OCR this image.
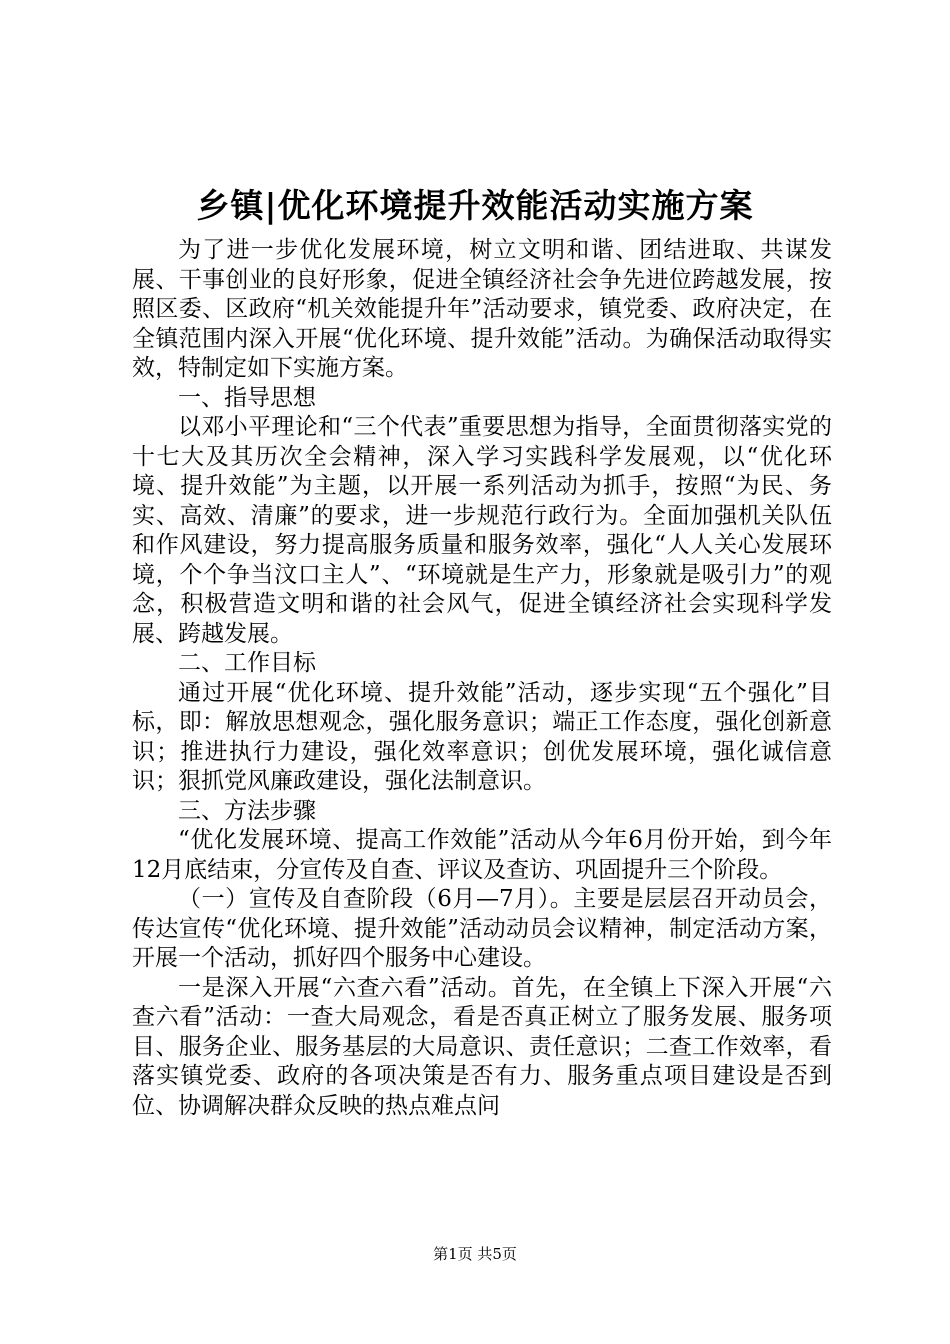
乡镇|优化环境提升效能活动实施方案

为了进一步优化发展环境，树立文明和谐、团结进取、共谋发展、干事创业的良好形象，促进全镇经济社会争先进位跨越发展，按照区委、区政府“机关效能提升年”活动要求，镇党委、政府决定，在全镇范围内深入开展“优化环境、提升效能”活动。为确保活动取得实效，特制定如下实施方案。

一、指导思想

以邓小平理论和“三个代表”重要思想为指导，全面贯彻落实党的十七大及其历次全会精神，深入学习实践科学发展观，以“优化环境、提升效能”为主题，以开展一系列活动为抓手，按照“为民、务实、高效、清廉”的要求，进一步规范行政行为。全面加强机关队伍和作风建设，努力提高服务质量和服务效率，强化“人人关心发展环境，个个争当汶口主人”、“环境就是生产力，形象就是吸引力”的观念，积极营造文明和谐的社会风气，促进全镇经济社会实现科学发展、跨越发展。

二、工作目标

通过开展“优化环境、提升效能”活动，逐步实现“五个强化”目标，即：解放思想观念，强化服务意识；端正工作态度，强化创新意识；推进执行力建设，强化效率意识；创优发展环境，强化诚信意识；狠抓党风廉政建设，强化法制意识。

三、方法步骤

“优化发展环境、提高工作效能”活动从今年6月份开始，到今年12月底结束，分宣传及自查、评议及查访、巩固提升三个阶段。

（一）宣传及自查阶段（6月—7月）。主要是层层召开动员会，传达宣传“优化环境、提升效能”活动动员会议精神，制定活动方案，开展一个活动，抓好四个服务中心建设。

一是深入开展“六查六看”活动。首先，在全镇上下深入开展“六查六看”活动：一查大局观念，看是否真正树立了服务发展、服务项目、服务企业、服务基层的大局意识、责任意识；二查工作效率，看落实镇党委、政府的各项决策是否有力、服务重点项目建设是否到位、协调解决群众反映的热点难点问

第1页 共5页
